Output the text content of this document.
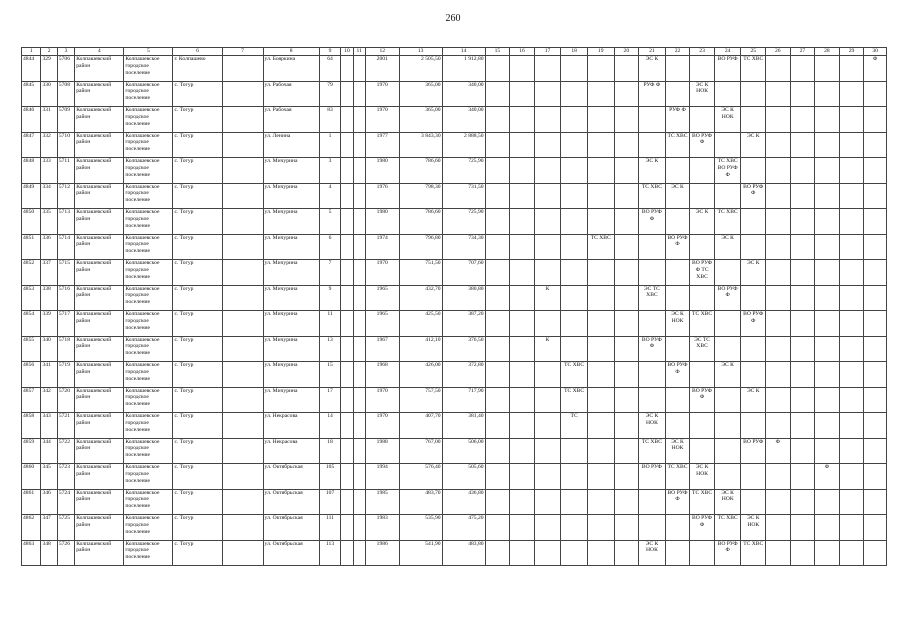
260
1	2	3	4	5	6	7	8	9	10	11	12	13	14	15	16	17	18	19	20	21	22	23	24	25	26	27	28	29	30
4844	329	5706	Колпашевский район	Колпашевское городское поселение	г. Колпашево		ул. Бояркина	64			2001	2 505,50	1 912,80							ЭС К			ВО РУФ	ТС ХВС					Ф
4845	330	5708	Колпашевский район	Колпашевское городское поселение	с. Тогур		ул. Рабочая	79			1970	365,00	340,00							РУФ Ф		ЭС К НОК							
4846	331	5709	Колпашевский район	Колпашевское городское поселение	с. Тогур		ул. Рабочая	83			1970	365,00	340,00								РУФ Ф		ЭС К НОК						
4847	332	5710	Колпашевский район	Колпашевское городское поселение	с. Тогур		ул. Ленина	1			1977	3 843,30	2 888,50								ТС ХВС	ВО РУФ Ф		ЭС К					
4848	333	5711	Колпашевский район	Колпашевское городское поселение	с. Тогур		ул. Мичурина	3			1980	786,60	725,90							ЭС К			ТС ХВС ВО РУФ Ф						
4849	334	5712	Колпашевский район	Колпашевское городское поселение	с. Тогур		ул. Мичурина	4			1976	798,30	731,50							ТС ХВС	ЭС К			ВО РУФ Ф					
4850	335	5713	Колпашевский район	Колпашевское городское поселение	с. Тогур		ул. Мичурина	5			1980	786,60	725,90							ВО РУФ Ф		ЭС К	ТС ХВС						
4851	336	5714	Колпашевский район	Колпашевское городское поселение	с. Тогур		ул. Мичурина	6			1974	796,80	734,30					ТС ХВС			ВО РУФ Ф		ЭС К						
4852	337	5715	Колпашевский район	Колпашевское городское поселение	с. Тогур		ул. Мичурина	7			1970	751,50	707,60									ВО РУФ Ф ТС ХВС		ЭС К					
4853	338	5716	Колпашевский район	Колпашевское городское поселение	с. Тогур		ул. Мичурина	9			1965	432,70	380,80			К				ЭС ТС ХВС			ВО РУФ Ф						
4854	339	5717	Колпашевский район	Колпашевское городское поселение	с. Тогур		ул. Мичурина	11			1965	425,50	387,20								ЭС К НОК	ТС ХВС		ВО РУФ Ф					
4855	340	5718	Колпашевский район	Колпашевское городское поселение	с. Тогур		ул. Мичурина	13			1967	412,10	376,50			К				ВО РУФ Ф		ЭС ТС ХВС							
4856	341	5719	Колпашевский район	Колпашевское городское поселение	с. Тогур		ул. Мичурина	15			1968	426,00	372,80				ТС ХВС				ВО РУФ Ф		ЭС К						
4857	342	5720	Колпашевский район	Колпашевское городское поселение	с. Тогур		ул. Мичурина	17			1970	757,50	717,90				ТС ХВС					ВО РУФ Ф		ЭС К					
4858	343	5721	Колпашевский район	Колпашевское городское поселение	с. Тогур		ул. Некрасова	14			1970	407,70	381,40				ТС			ЭС К НОК									
4859	344	5722	Колпашевский район	Колпашевское городское поселение	с. Тогур		ул. Некрасова	18			1988	767,00	506,00							ТС ХВС	ЭС К НОК			ВО РУФ	Ф				
4860	345	5723	Колпашевский район	Колпашевское городское поселение	с. Тогур		ул. Октябрьская	105			1994	576,40	505,60							ВО РУФ	ТС ХВС	ЭС К НОК					Ф		
4861	346	5724	Колпашевский район	Колпашевское городское поселение	с. Тогур		ул. Октябрьская	107			1985	483,70	436,80								ВО РУФ Ф	ТС ХВС	ЭС К НОК						
4862	347	5725	Колпашевский район	Колпашевское городское поселение	с. Тогур		ул. Октябрьская	111			1983	535,90	475,20									ВО РУФ Ф	ТС ХВС	ЭС К НОК					
4863	348	5726	Колпашевский район	Колпашевское городское поселение	с. Тогур		ул. Октябрьская	113			1986	541,90	483,80							ЭС К НОК			ВО РУФ Ф	ТС ХВС					
